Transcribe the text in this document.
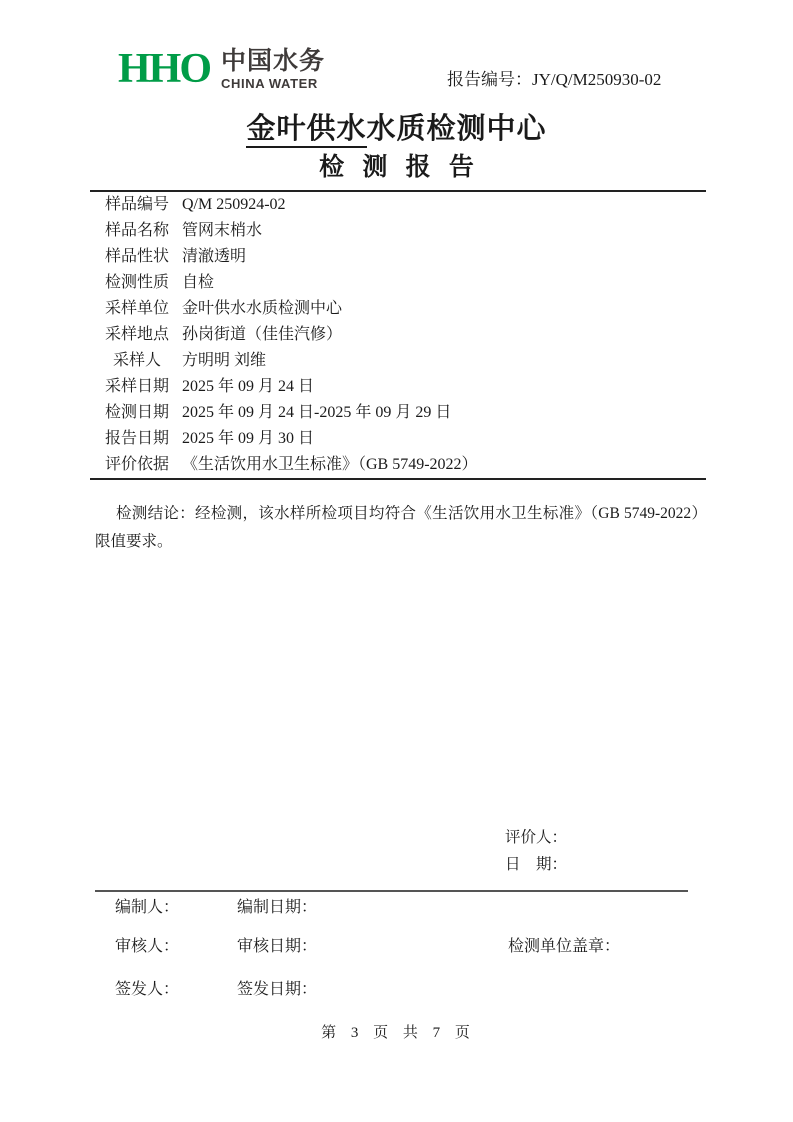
HHO 中国水务
CHINA WATER	报告编号：JY/Q/M250930-02
金叶供水水质检测中心
检 测 报 告
样品编号 Q/M 250924-02
样品名称 管网末梢水
样品性状 清澈透明
检测性质 自检
采样单位 金叶供水水质检测中心
采样地点 孙岗街道（佳佳汽修）
采样人 方明明 刘维
采样日期 2025 年 09 月 24 日
检测日期 2025 年 09 月 24 日-2025 年 09 月 29 日
报告日期 2025 年 09 月 30 日
评价依据 《生活饮用水卫生标准》（GB 5749-2022）
检测结论：经检测，该水样所检项目均符合《生活饮用水卫生标准》（GB 5749-2022）限值要求。
评价人：
日　期：
编制人：	编制日期：
审核人：	审核日期：	检测单位盖章：
签发人：	签发日期：
第 3 页 共 7 页
